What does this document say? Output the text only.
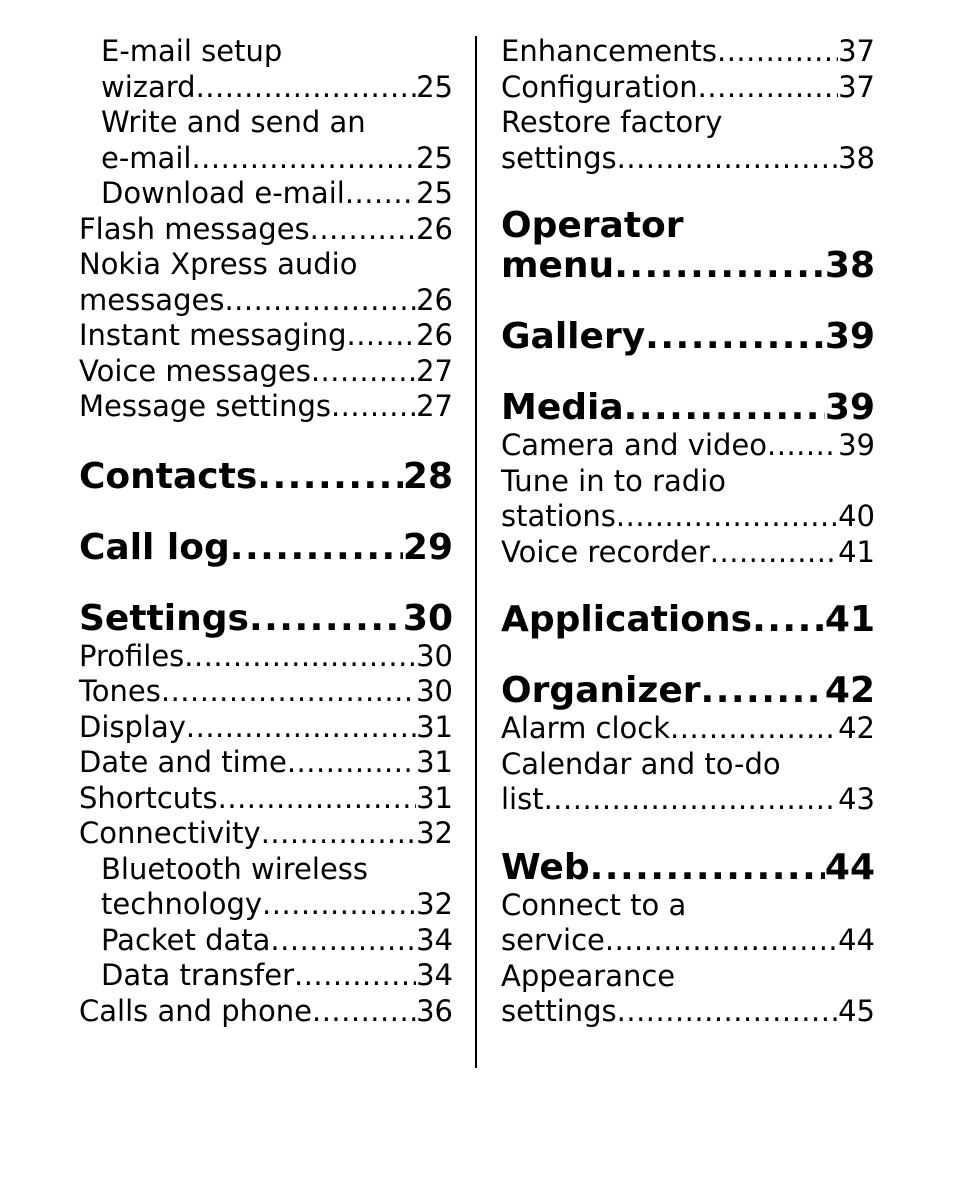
E-mail setup
wizard .....	25
Write and send an
e-mail .....	25
Download e-mail ..... 25
Flash messages .....	26
Nokia Xpress audio
messages .....	26
Instant messaging ..... 26
Voice messages .....	27
Message settings .....	27
Contacts .....	28
Call log .....	29
Settings .....	30
Profiles .....	30
Tones .....	30
Display .....	31
Date and time .....	31
Shortcuts .....	31
Connectivity .....	32
Bluetooth wireless
technology .....	32
Packet data .....	34
Data transfer .....	34
Calls and phone .....	36
Enhancements .....	37
Configuration .....	37
Restore factory
settings .....	38
Operator
menu .....	38
Gallery .....	39
Media .....	39
Camera and video ..... 39
Tune in to radio
stations .....	40
Voice recorder .....	41
Applications ..... 41
Organizer .....	42
Alarm clock .....	42
Calendar and to-do
list .....	43
Web .....	44
Connect to a
service .....	44
Appearance
settings .....	45
